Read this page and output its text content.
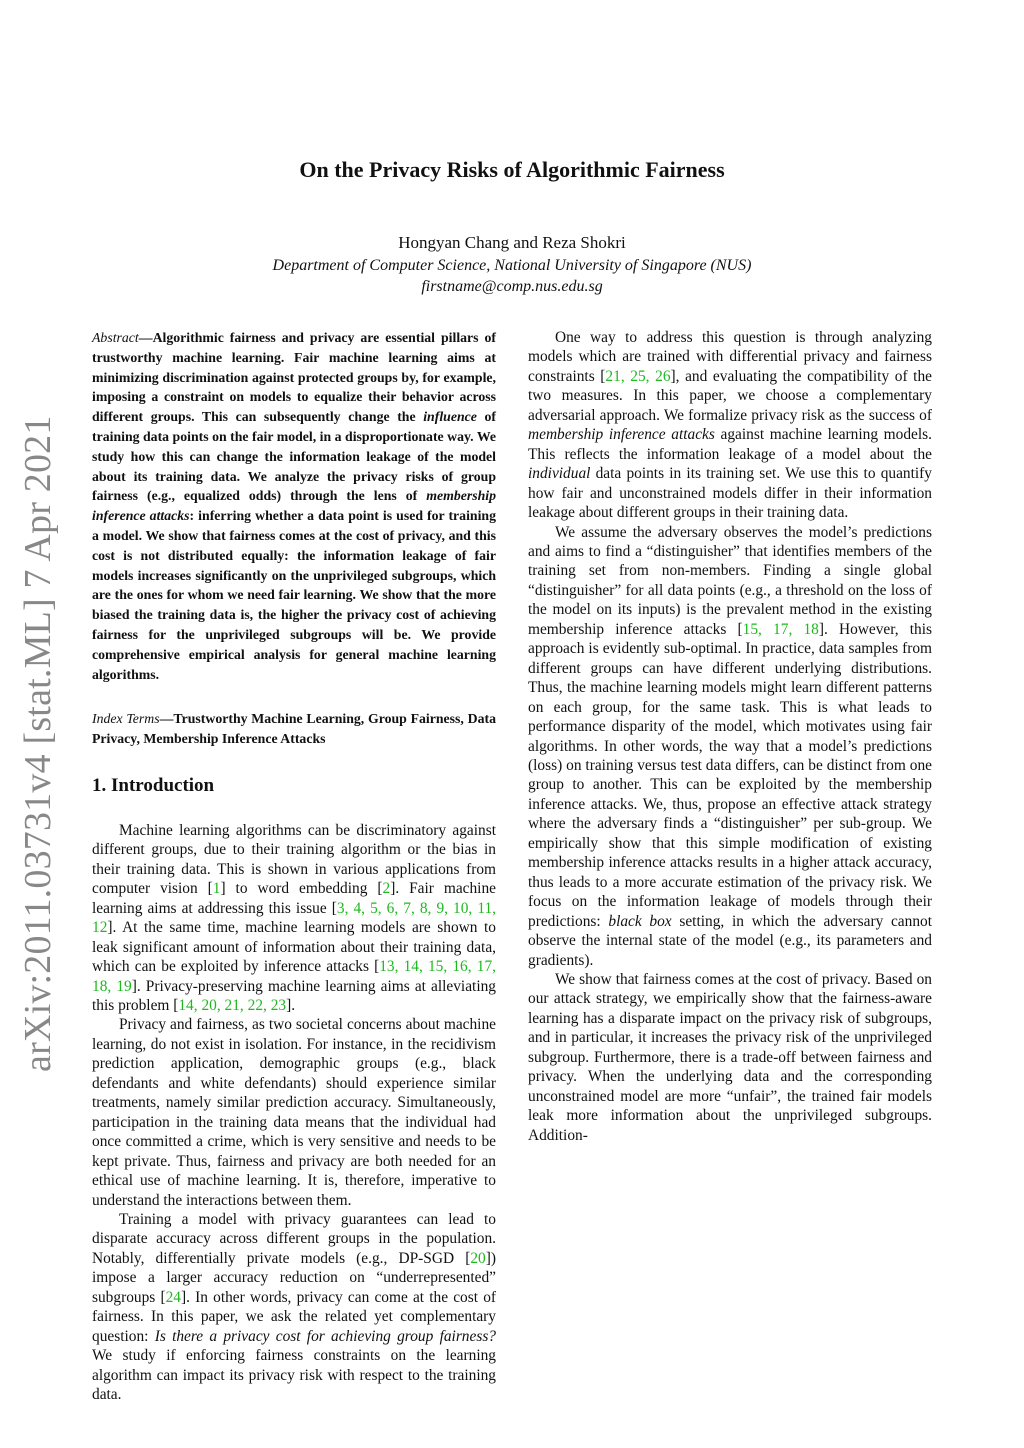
arXiv:2011.03731v4 [stat.ML] 7 Apr 2021
On the Privacy Risks of Algorithmic Fairness
Hongyan Chang and Reza Shokri
Department of Computer Science, National University of Singapore (NUS)
firstname@comp.nus.edu.sg

Abstract—Algorithmic fairness and privacy are essential pillars of trustworthy machine learning. Fair machine learning aims at minimizing discrimination against protected groups by, for example, imposing a constraint on models to equalize their behavior across different groups. This can subsequently change the influence of training data points on the fair model, in a disproportionate way. We study how this can change the information leakage of the model about its training data. We analyze the privacy risks of group fairness (e.g., equalized odds) through the lens of membership inference attacks: inferring whether a data point is used for training a model. We show that fairness comes at the cost of privacy, and this cost is not distributed equally: the information leakage of fair models increases significantly on the unprivileged subgroups, which are the ones for whom we need fair learning. We show that the more biased the training data is, the higher the privacy cost of achieving fairness for the unprivileged subgroups will be. We provide comprehensive empirical analysis for general machine learning algorithms.

Index Terms—Trustworthy Machine Learning, Group Fairness, Data Privacy, Membership Inference Attacks

1. Introduction

Machine learning algorithms can be discriminatory against different groups, due to their training algorithm or the bias in their training data. This is shown in various applications from computer vision [1] to word embedding [2]. Fair machine learning aims at addressing this issue [3, 4, 5, 6, 7, 8, 9, 10, 11, 12]. At the same time, machine learning models are shown to leak significant amount of information about their training data, which can be exploited by inference attacks [13, 14, 15, 16, 17, 18, 19]. Privacy-preserving machine learning aims at alleviating this problem [14, 20, 21, 22, 23].

Privacy and fairness, as two societal concerns about machine learning, do not exist in isolation. For instance, in the recidivism prediction application, demographic groups (e.g., black defendants and white defendants) should experience similar treatments, namely similar prediction accuracy. Simultaneously, participation in the training data means that the individual had once committed a crime, which is very sensitive and needs to be kept private. Thus, fairness and privacy are both needed for an ethical use of machine learning. It is, therefore, imperative to understand the interactions between them.

Training a model with privacy guarantees can lead to disparate accuracy across different groups in the population. Notably, differentially private models (e.g., DP-SGD [20]) impose a larger accuracy reduction on “underrepresented” subgroups [24]. In other words, privacy can come at the cost of fairness. In this paper, we ask the related yet complementary question: Is there a privacy cost for achieving group fairness? We study if enforcing fairness constraints on the learning algorithm can impact its privacy risk with respect to the training data.

One way to address this question is through analyzing models which are trained with differential privacy and fairness constraints [21, 25, 26], and evaluating the compatibility of the two measures. In this paper, we choose a complementary adversarial approach. We formalize privacy risk as the success of membership inference attacks against machine learning models. This reflects the information leakage of a model about the individual data points in its training set. We use this to quantify how fair and unconstrained models differ in their information leakage about different groups in their training data.

We assume the adversary observes the model’s predictions and aims to find a “distinguisher” that identifies members of the training set from non-members. Finding a single global “distinguisher” for all data points (e.g., a threshold on the loss of the model on its inputs) is the prevalent method in the existing membership inference attacks [15, 17, 18]. However, this approach is evidently sub-optimal. In practice, data samples from different groups can have different underlying distributions. Thus, the machine learning models might learn different patterns on each group, for the same task. This is what leads to performance disparity of the model, which motivates using fair algorithms. In other words, the way that a model’s predictions (loss) on training versus test data differs, can be distinct from one group to another. This can be exploited by the membership inference attacks. We, thus, propose an effective attack strategy where the adversary finds a “distinguisher” per sub-group. We empirically show that this simple modification of existing membership inference attacks results in a higher attack accuracy, thus leads to a more accurate estimation of the privacy risk. We focus on the information leakage of models through their predictions: black box setting, in which the adversary cannot observe the internal state of the model (e.g., its parameters and gradients).

We show that fairness comes at the cost of privacy. Based on our attack strategy, we empirically show that the fairness-aware learning has a disparate impact on the privacy risk of subgroups, and in particular, it increases the privacy risk of the unprivileged subgroup. Furthermore, there is a trade-off between fairness and privacy. When the underlying data and the corresponding unconstrained model are more “unfair”, the trained fair models leak more information about the unprivileged subgroups. Addition-
